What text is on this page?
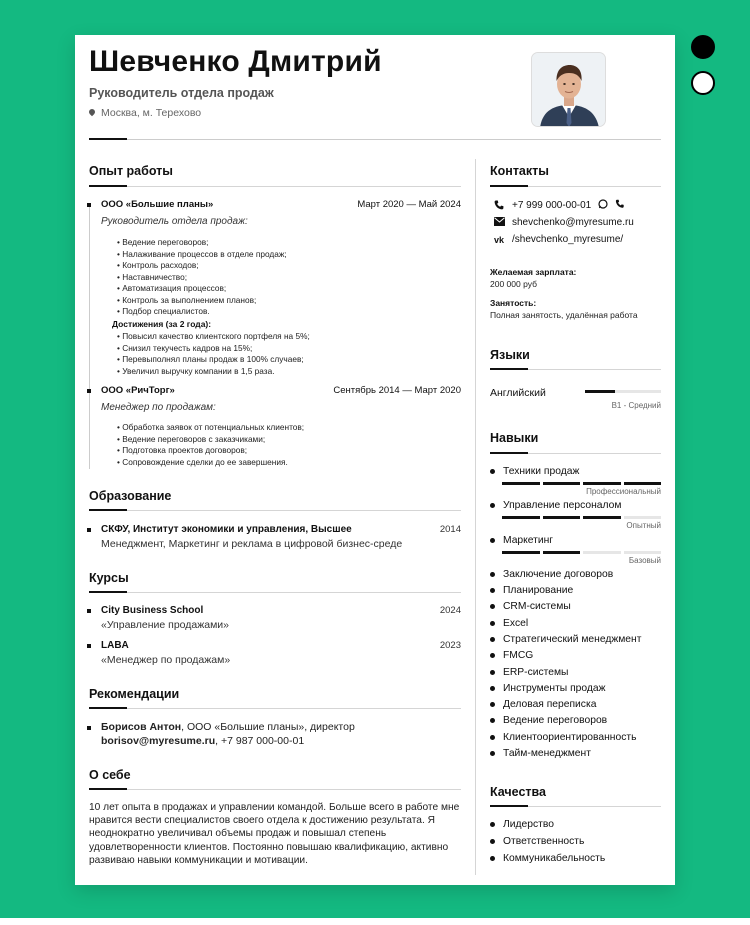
Шевченко Дмитрий
Руководитель отдела продаж
Москва, м. Терехово
Опыт работы
ООО «Большие планы»	Март 2020 — Май 2024
Руководитель отдела продаж:
• Ведение переговоров;
• Налаживание процессов в отделе продаж;
• Контроль расходов;
• Наставничество;
• Автоматизация процессов;
• Контроль за выполнением планов;
• Подбор специалистов.
Достижения (за 2 года):
• Повысил качество клиентского портфеля на 5%;
• Снизил текучесть кадров на 15%;
• Перевыполнял планы продаж в 100% случаев;
• Увеличил выручку компании в 1,5 раза.
ООО «РичТорг»	Сентябрь 2014 — Март 2020
Менеджер по продажам:
• Обработка заявок от потенциальных клиентов;
• Ведение переговоров с заказчиками;
• Подготовка проектов договоров;
• Сопровождение сделки до ее завершения.
Образование
СКФУ, Институт экономики и управления, Высшее	2014
Менеджмент, Маркетинг и реклама в цифровой бизнес-среде
Курсы
City Business School	2024
«Управление продажами»
LABA	2023
«Менеджер по продажам»
Рекомендации
Борисов Антон, ООО «Большие планы», директор
borisov@myresume.ru, +7 987 000-00-01
О себе
10 лет опыта в продажах и управлении командой. Больше всего в работе мне нравится вести специалистов своего отдела к достижению результата. Я неоднократно увеличивал объемы продаж и повышал степень удовлетворенности клиентов. Постоянно повышаю квалификацию, активно развиваю навыки коммуникации и мотивации.
Контакты
+7 999 000-00-01
shevchenko@myresume.ru
vk /shevchenko_myresume/
Желаемая зарплата:
200 000 руб
Занятость:
Полная занятость, удалённая работа
Языки
Английский
B1 - Средний
Навыки
Техники продаж
Профессиональный
Управление персоналом
Опытный
Маркетинг
Базовый
Заключение договоров
Планирование
CRM-системы
Excel
Стратегический менеджмент
FMCG
ERP-системы
Инструменты продаж
Деловая переписка
Ведение переговоров
Клиентоориентированность
Тайм-менеджмент
Качества
Лидерство
Ответственность
Коммуникабельность
